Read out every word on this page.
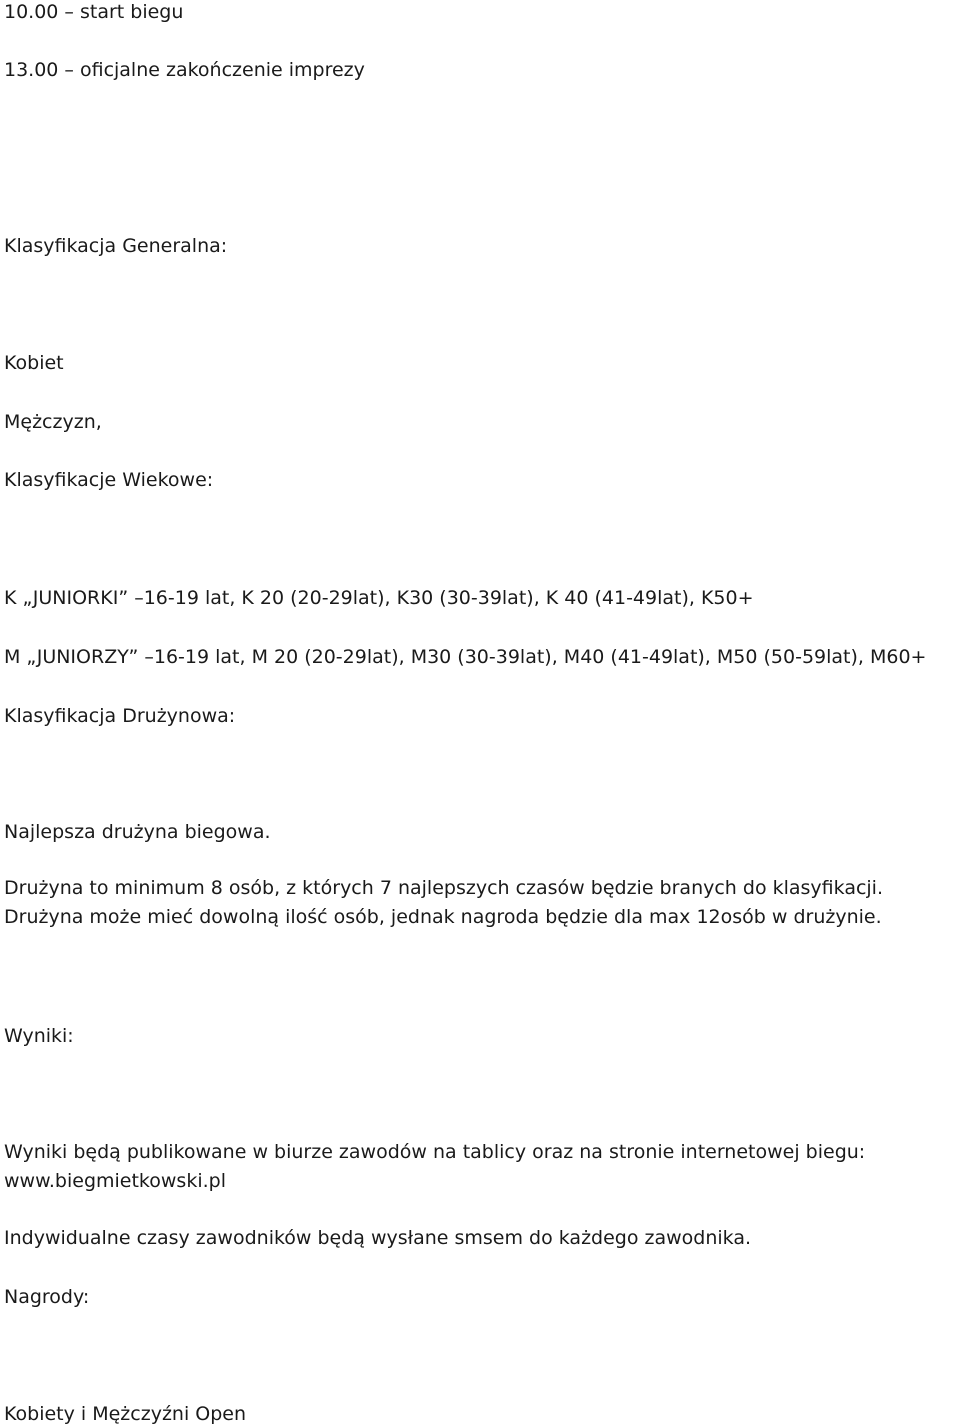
10.00 – start biegu

13.00 – oficjalne zakończenie imprezy

Klasyfikacja Generalna:

Kobiet

Mężczyzn,

Klasyfikacje Wiekowe:

K „JUNIORKI” –16-19 lat, K 20 (20-29lat), K30 (30-39lat), K 40 (41-49lat), K50+

M „JUNIORZY” –16-19 lat, M 20 (20-29lat), M30 (30-39lat), M40 (41-49lat), M50 (50-59lat), M60+

Klasyfikacja Drużynowa:

Najlepsza drużyna biegowa.

Drużyna to minimum 8 osób, z których 7 najlepszych czasów będzie branych do klasyfikacji. Drużyna może mieć dowolną ilość osób, jednak nagroda będzie dla max 12osób w drużynie.

Wyniki:

Wyniki będą publikowane w biurze zawodów na tablicy oraz na stronie internetowej biegu: www.biegmietkowski.pl

Indywidualne czasy zawodników będą wysłane smsem do każdego zawodnika.

Nagrody:

Kobiety i Mężczyźni Open
